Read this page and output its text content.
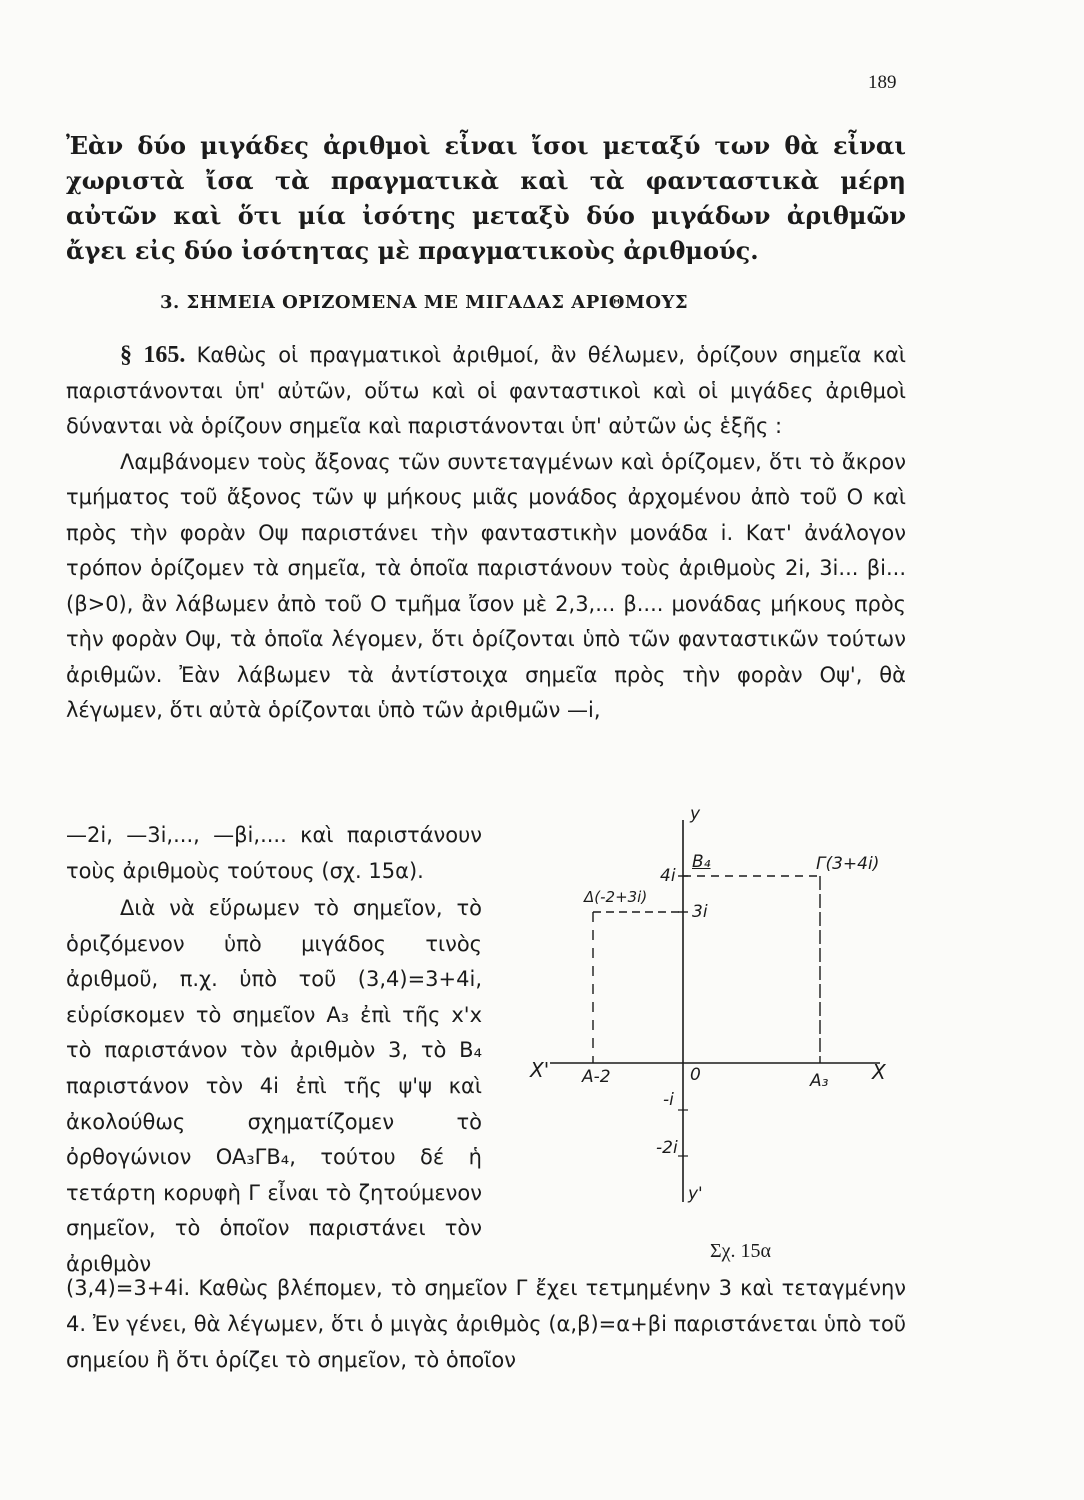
189

Ἐὰν δύο μιγάδες ἀριθμοὶ εἶναι ἴσοι μεταξύ των θὰ εἶναι χωριστὰ ἴσα τὰ πραγματικὰ καὶ τὰ φανταστικὰ μέρη αὐτῶν καὶ ὅτι μία ἰσότης μεταξὺ δύο μιγάδων ἀριθμῶν ἄγει εἰς δύο ἰσότητας μὲ πραγματικοὺς ἀριθμούς.

3. ΣΗΜΕΙΑ ΟΡΙΖΟΜΕΝΑ ΜΕ ΜΙΓΑΔΑΣ ΑΡΙΘΜΟΥΣ
§ 165. Καθὼς οἱ πραγματικοὶ ἀριθμοί, ἂν θέλωμεν, ὁρίζουν σημεῖα καὶ παριστάνονται ὑπ' αὐτῶν, οὕτω καὶ οἱ φανταστικοὶ καὶ οἱ μιγάδες ἀριθμοὶ δύνανται νὰ ὁρίζουν σημεῖα καὶ παριστάνονται ὑπ' αὐτῶν ὡς ἑξῆς :
Λαμβάνομεν τοὺς ἄξονας τῶν συντεταγμένων καὶ ὁρίζομεν, ὅτι τὸ ἄκρον τμήματος τοῦ ἄξονος τῶν ψ μήκους μιᾶς μονάδος ἀρχομένου ἀπὸ τοῦ Ο καὶ πρὸς τὴν φορὰν Οψ παριστάνει τὴν φανταστικὴν μονάδα i. Κατ' ἀνάλογον τρόπον ὁρίζομεν τὰ σημεῖα, τὰ ὁποῖα παριστάνουν τοὺς ἀριθμοὺς 2i, 3i... βi...(β>0), ἂν λάβωμεν ἀπὸ τοῦ Ο τμῆμα ἴσον μὲ 2,3,... β.... μονάδας μήκους πρὸς τὴν φορὰν Οψ, τὰ ὁποῖα λέγομεν, ὅτι ὁρίζονται ὑπὸ τῶν φανταστικῶν τούτων ἀριθμῶν. Ἐὰν λάβωμεν τὰ ἀντίστοιχα σημεῖα πρὸς τὴν φορὰν Οψ', θὰ λέγωμεν, ὅτι αὐτὰ ὁρίζονται ὑπὸ τῶν ἀριθμῶν —i,
—2i, —3i,..., —βi,.... καὶ παριστάνουν τοὺς ἀριθμοὺς τούτους (σχ. 15α).
Διὰ νὰ εὕρωμεν τὸ σημεῖον, τὸ ὁριζόμενον ὑπὸ μιγάδος τινὸς ἀριθμοῦ, π.χ. ὑπὸ τοῦ (3,4)=3+4i, εὑρίσκομεν τὸ σημεῖον A₃ ἐπὶ τῆς x'x τὸ παριστάνον τὸν ἀριθμὸν 3, τὸ B₄ παριστάνον τὸν 4i ἐπὶ τῆς ψ'ψ καὶ ἀκολούθως σχηματίζομεν τὸ ὀρθογώνιον OA₃ΓB₄, τούτου δέ ἡ τετάρτη κορυφὴ Γ εἶναι τὸ ζητούμενον σημεῖον, τὸ ὁποῖον παριστάνει τὸν ἀριθμὸν
y
y'
X
X'	0
4i
3i
-i
-2i
B₄	Γ(3+4i)
Δ(-2+3i)
A-2	A₃
Σχ. 15α
(3,4)=3+4i. Καθὼς βλέπομεν, τὸ σημεῖον Γ ἔχει τετμημένην 3 καὶ τεταγμένην 4. Ἐν γένει, θὰ λέγωμεν, ὅτι ὁ μιγὰς ἀριθμὸς (α,β)=α+βi παριστάνεται ὑπὸ τοῦ σημείου ἢ ὅτι ὁρίζει τὸ σημεῖον, τὸ ὁποῖον
